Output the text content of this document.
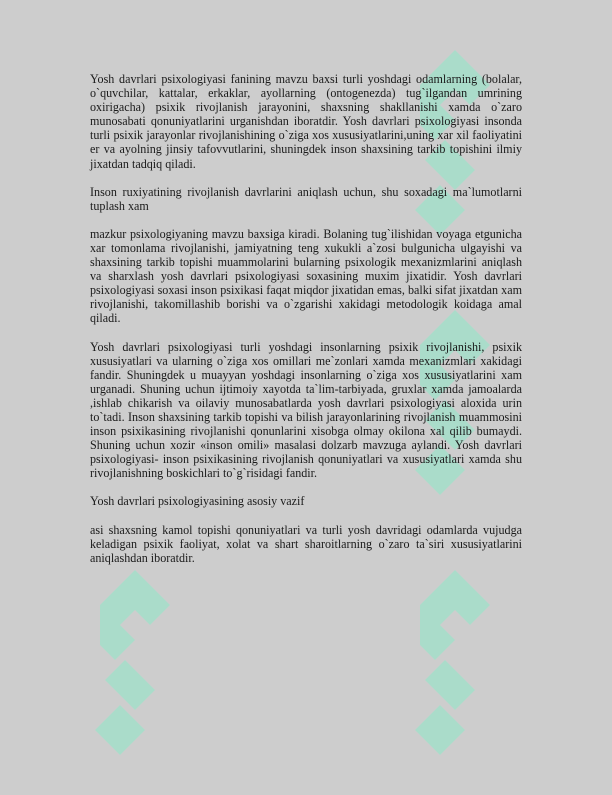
Yosh davrlari psixologiyasi fanining mavzu baxsi turli yoshdagi odamlarning (bolalar, o`quvchilar, kattalar, erkaklar, ayollarning (ontogenezda) tug`ilgandan umrining oxirigacha) psixik rivojlanish jarayonini, shaxsning shakllanishi xamda o`zaro munosabati qonuniyatlarini urganishdan iboratdir. Yosh davrlari psixologiyasi insonda turli psixik jarayonlar rivojlanishining o`ziga xos xususiyatlarini,uning xar xil faoliyatini er va ayolning jinsiy tafovvutlarini, shuningdek inson shaxsining tarkib topishini ilmiy jixatdan tadqiq qiladi.

Inson ruxiyatining rivojlanish davrlarini aniqlash uchun, shu soxadagi ma`lumotlarni tuplash xam

mazkur psixologiyaning mavzu baxsiga kiradi. Bolaning tug`ilishidan voyaga etgunicha xar tomonlama rivojlanishi, jamiyatning teng xukukli a`zosi bulgunicha ulgayishi va shaxsining tarkib topishi muammolarini bularning psixologik mexanizmlarini aniqlash va sharxlash yosh davrlari psixologiyasi soxasining muxim jixatidir. Yosh davrlari psixologiyasi soxasi inson psixikasi faqat miqdor jixatidan emas, balki sifat jixatdan xam rivojlanishi, takomillashib borishi va o`zgarishi xakidagi metodologik koidaga amal qiladi.

Yosh davrlari psixologiyasi turli yoshdagi insonlarning psixik rivojlanishi, psixik xususiyatlari va ularning o`ziga xos omillari me`zonlari xamda mexanizmlari xakidagi fandir. Shuningdek u muayyan yoshdagi insonlarning o`ziga xos xususiyatlarini xam urganadi. Shuning uchun ijtimoiy xayotda ta`lim-tarbiyada, gruxlar xamda jamoalarda ,ishlab chikarish va oilaviy munosabatlarda yosh davrlari psixologiyasi aloxida urin to`tadi. Inson shaxsining tarkib topishi va bilish jarayonlarining rivojlanish muammosini inson psixikasining rivojlanishi qonunlarini xisobga olmay okilona xal qilib bumaydi. Shuning uchun xozir «inson omili» masalasi dolzarb mavzuga aylandi. Yosh davrlari psixologiyasi- inson psixikasining rivojlanish qonuniyatlari va xususiyatlari xamda shu rivojlanishning boskichlari to`g`risidagi fandir.

Yosh davrlari psixologiyasining asosiy vazif

asi shaxsning kamol topishi qonuniyatlari va turli yosh davridagi odamlarda vujudga keladigan psixik faoliyat, xolat va shart sharoitlarning o`zaro ta`siri xususiyatlarini aniqlashdan iboratdir.
